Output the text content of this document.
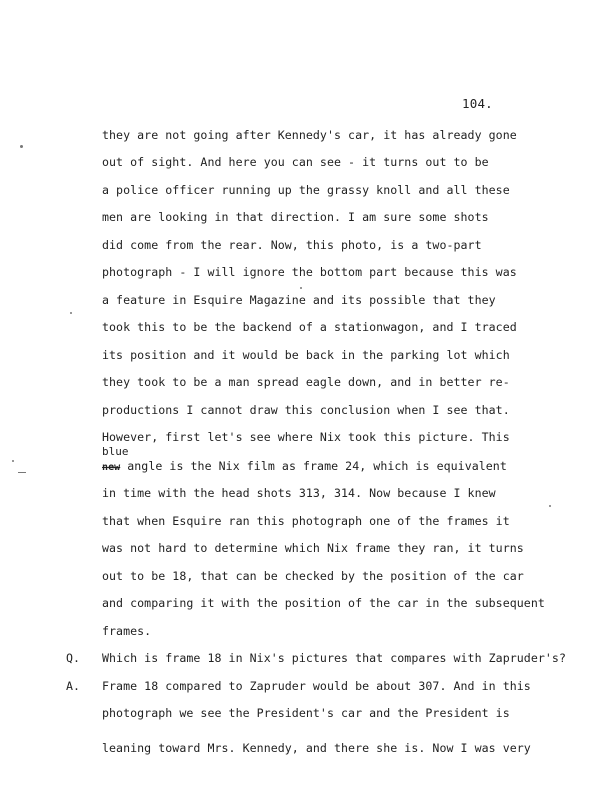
104.
they are not going after Kennedy's car, it has already gone
out of sight. And here you can see - it turns out to be
a police officer running up the grassy knoll and all these
men are looking in that direction. I am sure some shots
did come from the rear. Now, this photo, is a two-part
photograph - I will ignore the bottom part because this was
a feature in Esquire Magazine and its possible that they
took this to be the backend of a stationwagon, and I traced
its position and it would be back in the parking lot which
they took to be a man spread eagle down, and in better re-
productions I cannot draw this conclusion when I see that.
However, first let's see where Nix took this picture. This
blue
new angle is the Nix film as frame 24, which is equivalent
in time with the head shots 313, 314. Now because I knew
that when Esquire ran this photograph one of the frames it
was not hard to determine which Nix frame they ran, it turns
out to be 18, that can be checked by the position of the car
and comparing it with the position of the car in the subsequent
frames.
Q. Which is frame 18 in Nix's pictures that compares with Zapruder's?
A. Frame 18 compared to Zapruder would be about 307. And in this
photograph we see the President's car and the President is
leaning toward Mrs. Kennedy, and there she is. Now I was very
